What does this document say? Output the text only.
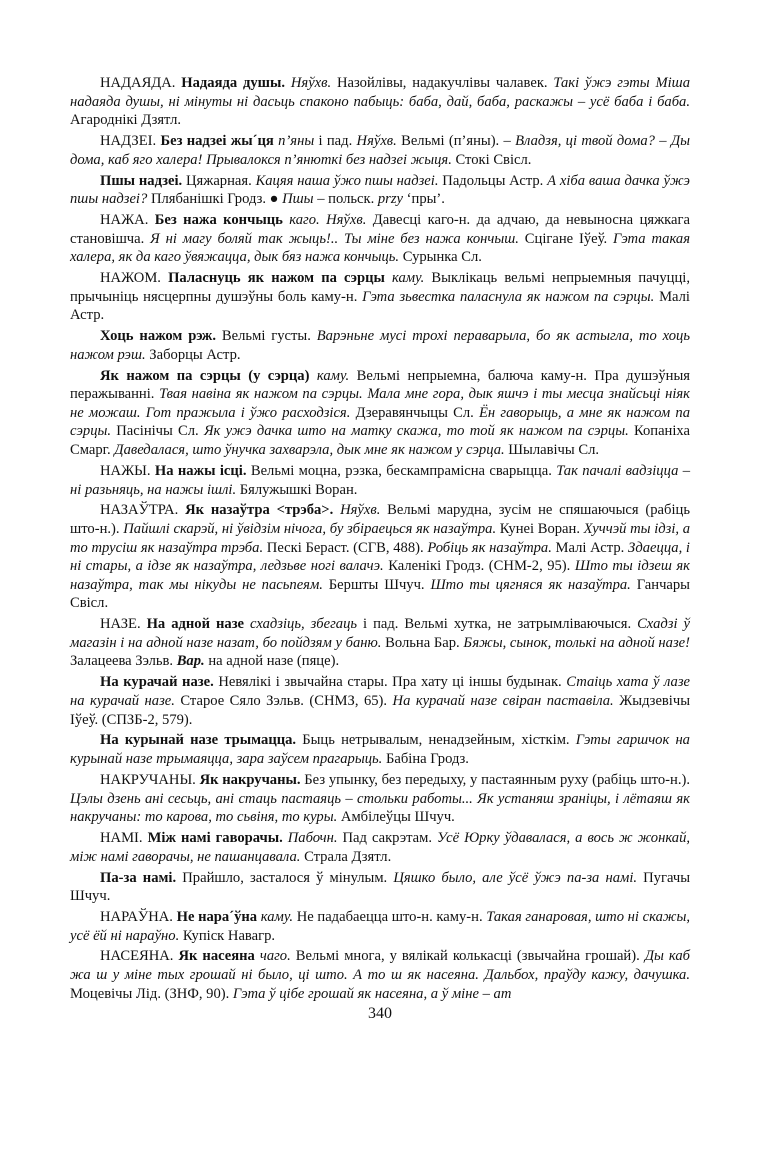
НАДАЯДА. Надаяда душы. Няўхв. Назойлівы, надакучлівы чалавек. Такі ўжэ гэты Міша надаяда душы, ні мінуты ні дасьць спаконо пабыць: баба, дай, баба, раскажы – усё баба і баба. Агароднікі Дзятл.

НАДЗЕІ. Без надзеі жы´ця п’яны і пад. Няўхв. Вельмі (п’яны). – Владзя, ці твой дома? – Ды дома, каб яго халера! Прывалокся п’янюткі без надзеі жыця. Стокі Свісл.

Пшы надзеі. Цяжарная. Кацяя наша ўжо пшы надзеі. Падольцы Астр. А хіба ваша дачка ўжэ пшы надзеі? Плябанішкі Гродз. ● Пшы – польск. przy ‘пры’.

НАЖА. Без нажа кончыць каго. Няўхв. Давесці каго-н. да адчаю, да невыносна цяжкага становішча. Я ні магу боляй так жыць!.. Ты міне без нажа кончыш. Сцігане Іўеў. Гэта такая халера, як да каго ўвяжацца, дык бяз нажа кончыць. Сурынка Сл.

НАЖОМ. Паласнуць як нажом па сэрцы каму. Выклікаць вельмі непрыемныя пачуцці, прычыніць нясцерпны душэўны боль каму-н. Гэта зьвестка паласнула як нажом па сэрцы. Малі Астр.

Хоць нажом рэж. Вельмі густы. Варэньне мусі трохі пераварыла, бо як астыгла, то хоць нажом рэш. Заборцы Астр.

Як нажом па сэрцы (у сэрца) каму. Вельмі непрыемна, балюча каму-н. Пра душэўныя перажыванні. Твая навіна як нажом па сэрцы. Мала мне гора, дык яшчэ і ты месца знайсьці ніяк не можаш. Гот пражыла і ўжо расходзіся. Дзеравянчыцы Сл. Ён гаворыць, а мне як нажом па сэрцы. Пасінічы Сл. Як ужэ дачка што на матку скажа, то той як нажом па сэрцы. Копаніха Смарг. Даведалася, што ўнучка захварэла, дык мне як нажом у сэрца. Шылавічы Сл.

НАЖЫ. На нажы ісці. Вельмі моцна, рэзка, бескампрамісна сварыцца. Так пачалі вадзіцца – ні разьняць, на нажы ішлі. Бялужышкі Воран.

НАЗАЎТРА. Як назаўтра <трэба>. Няўхв. Вельмі марудна, зусім не спяшаючыся (рабіць што-н.). Пайшлі скарэй, ні ўвідзім нічога, бу збіраецься як назаўтра. Кунеі Воран. Хуччэй ты ідзі, а то трусіш як назаўтра трэба. Пескі Бераст. (СГВ, 488). Робіць як назаўтра. Малі Астр. Здаецца, і ні стары, а ідзе як назаўтра, ледзьве ногі валачэ. Каленікі Гродз. (СНМ-2, 95). Што ты ідзеш як назаўтра, так мы нікуды не пасьпеям. Бершты Шчуч. Што ты цягняся як назаўтра. Ганчары Свісл.

НАЗЕ. На адной назе схадзіць, збегаць і пад. Вельмі хутка, не затрымліваючыся. Схадзі ў магазін і на адной назе назат, бо пойдзям у баню. Вольна Бар. Бяжы, сынок, толькі на адной назе! Залацеева Зэльв. Вар. на адной назе (пяце).

На курачай назе. Невялікі і звычайна стары. Пра хату ці іншы будынак. Стаіць хата ў лазе на курачай назе. Старое Сяло Зэльв. (СНМЗ, 65). На курачай назе свіран паставіла. Жыдзевічы Іўеў. (СПЗБ-2, 579).

На курынай назе трымацца. Быць нетрывалым, ненадзейным, хісткім. Гэты гаршчок на курынай назе трымаяцца, зара заўсем прагарыць. Бабіна Гродз.

НАКРУЧАНЫ. Як накручаны. Без упынку, без передыху, у пастаянным руху (рабіць што-н.). Цэлы дзень ані сесьць, ані стаць пастаяць – стольки работы... Як устаняш зраніцы, і лётаяш як накручаны: то карова, то сьвіня, то куры. Амбілеўцы Шчуч.

НАМІ. Між намі гаворачы. Пабочн. Пад сакрэтам. Усё Юрку ўдавалася, а вось ж жонкай, між намі гаворачы, не пашанцавала. Страла Дзятл.

Па-за намі. Прайшло, засталося ў мінулым. Цяшко было, але ўсё ўжэ па-за намі. Пугачы Шчуч.

НАРАЎНА. Не нара´ўна каму. Не падабаецца што-н. каму-н. Такая ганаровая, што ні скажы, усё ёй ні нараўно. Купіск Навагр.

НАСЕЯНА. Як насеяна чаго. Вельмі многа, у вялікай колькасці (звычайна грошай). Ды каб жа ш у міне тых грошай ні было, ці што. А то ш як насеяна. Дальбох, праўду кажу, дачушка. Моцевічы Лід. (ЗНФ, 90). Гэта ў цібе грошай як насеяна, а ў міне – ат

340
